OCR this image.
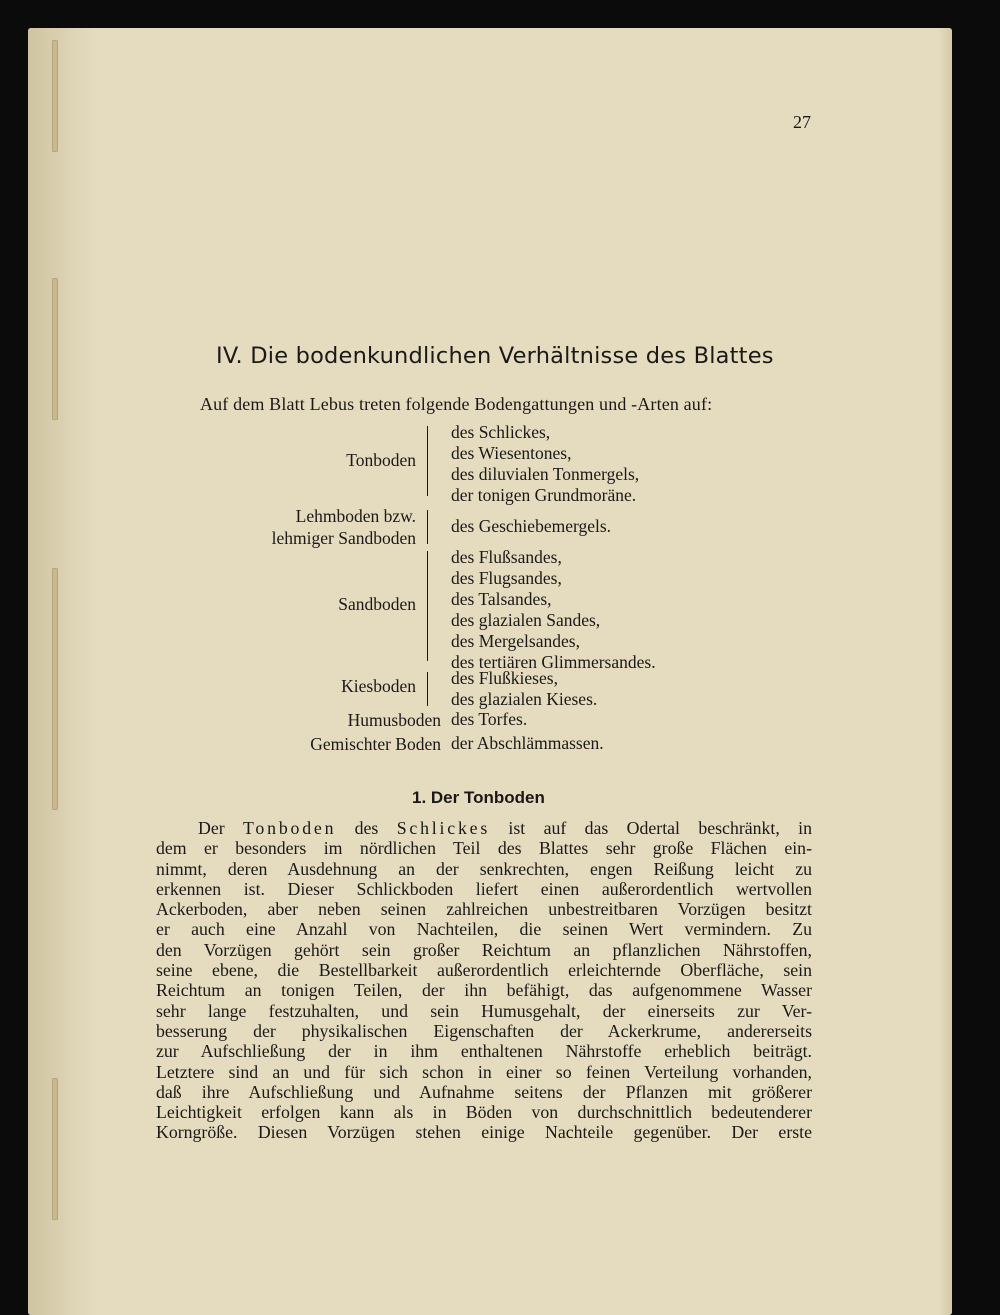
27
IV. Die bodenkundlichen Verhältnisse des Blattes
Auf dem Blatt Lebus treten folgende Bodengattungen und -Arten auf:
Tonboden
des Schlickes,
des Wiesentones,
des diluvialen Tonmergels,
der tonigen Grundmoräne.
Lehmboden bzw.
lehmiger Sandboden
des Geschiebemergels.
Sandboden
des Flußsandes,
des Flugsandes,
des Talsandes,
des glazialen Sandes,
des Mergelsandes,
des tertiären Glimmersandes.
Kiesboden des Flußkieses,
des glazialen Kieses.
Humusboden des Torfes.
Gemischter Boden der Abschlämmassen.
1. Der Tonboden
Der Tonboden des Schlickes ist auf das Odertal beschränkt, in
dem er besonders im nördlichen Teil des Blattes sehr große Flächen ein-
nimmt, deren Ausdehnung an der senkrechten, engen Reißung leicht zu
erkennen ist. Dieser Schlickboden liefert einen außerordentlich wertvollen
Ackerboden, aber neben seinen zahlreichen unbestreitbaren Vorzügen besitzt
er auch eine Anzahl von Nachteilen, die seinen Wert vermindern. Zu
den Vorzügen gehört sein großer Reichtum an pflanzlichen Nährstoffen,
seine ebene, die Bestellbarkeit außerordentlich erleichternde Oberfläche, sein
Reichtum an tonigen Teilen, der ihn befähigt, das aufgenommene Wasser
sehr lange festzuhalten, und sein Humusgehalt, der einerseits zur Ver-
besserung der physikalischen Eigenschaften der Ackerkrume, andererseits
zur Aufschließung der in ihm enthaltenen Nährstoffe erheblich beiträgt.
Letztere sind an und für sich schon in einer so feinen Verteilung vorhanden,
daß ihre Aufschließung und Aufnahme seitens der Pflanzen mit größerer
Leichtigkeit erfolgen kann als in Böden von durchschnittlich bedeutenderer
Korngröße. Diesen Vorzügen stehen einige Nachteile gegenüber. Der erste
